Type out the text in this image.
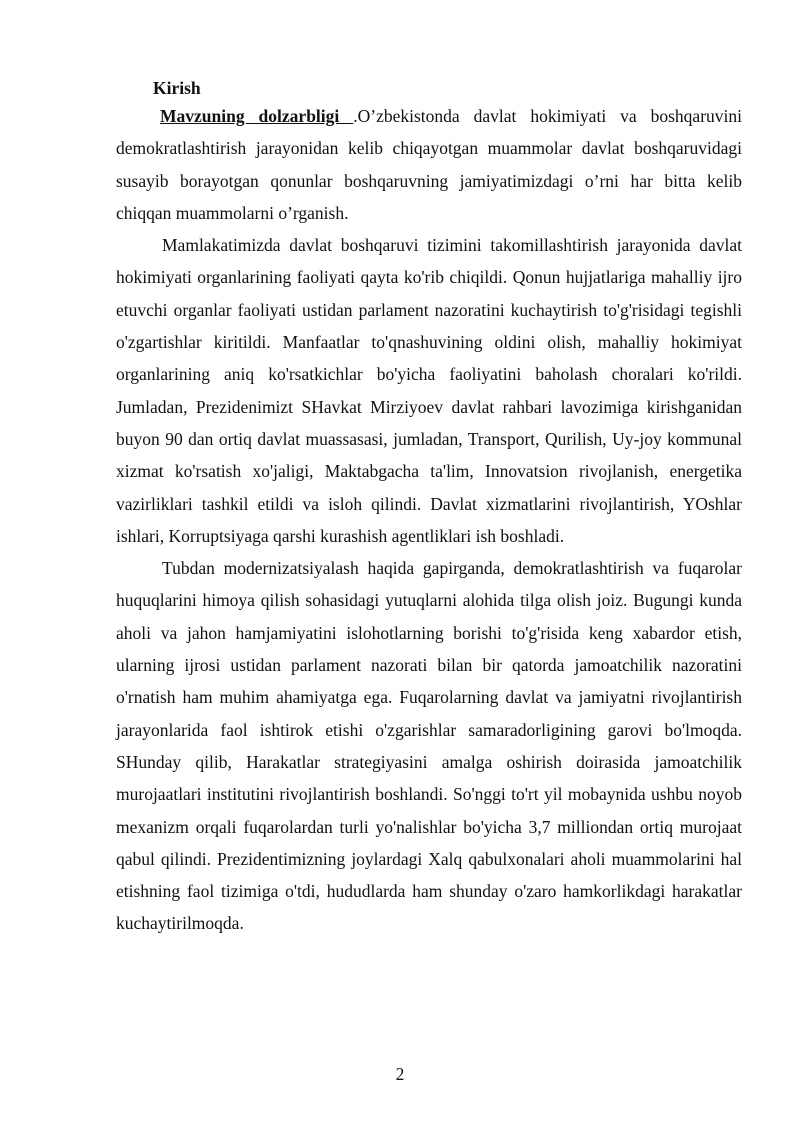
Kirish

Mavzuning dolzarbligi .O’zbekistonda davlat hokimiyati va boshqaruvini demokratlashtirish jarayonidan kelib chiqayotgan muammolar davlat boshqaruvidagi susayib borayotgan qonunlar boshqaruvning jamiyatimizdagi o’rni har bitta kelib chiqqan muammolarni o’rganish.

Mamlakatimizda davlat boshqaruvi tizimini takomillashtirish jarayonida davlat hokimiyati organlarining faoliyati qayta ko'rib chiqildi. Qonun hujjatlariga mahalliy ijro etuvchi organlar faoliyati ustidan parlament nazoratini kuchaytirish to'g'risidagi tegishli o'zgartishlar kiritildi. Manfaatlar to'qnashuvining oldini olish, mahalliy hokimiyat organlarining aniq ko'rsatkichlar bo'yicha faoliyatini baholash choralari ko'rildi. Jumladan, Prezidenimizt SHavkat Mirziyoev davlat rahbari lavozimiga kirishganidan buyon 90 dan ortiq davlat muassasasi, jumladan, Transport, Qurilish, Uy-joy kommunal xizmat ko'rsatish xo'jaligi, Maktabgacha ta'lim, Innovatsion rivojlanish, energetika vazirliklari tashkil etildi va isloh qilindi. Davlat xizmatlarini rivojlantirish, YOshlar ishlari, Korruptsiyaga qarshi kurashish agentliklari ish boshladi.

Tubdan modernizatsiyalash haqida gapirganda, demokratlashtirish va fuqarolar huquqlarini himoya qilish sohasidagi yutuqlarni alohida tilga olish joiz. Bugungi kunda aholi va jahon hamjamiyatini islohotlarning borishi to'g'risida keng xabardor etish, ularning ijrosi ustidan parlament nazorati bilan bir qatorda jamoatchilik nazoratini o'rnatish ham muhim ahamiyatga ega. Fuqarolarning davlat va jamiyatni rivojlantirish jarayonlarida faol ishtirok etishi o'zgarishlar samaradorligining garovi bo'lmoqda. SHunday qilib, Harakatlar strategiyasini amalga oshirish doirasida jamoatchilik murojaatlari institutini rivojlantirish boshlandi. So'nggi to'rt yil mobaynida ushbu noyob mexanizm orqali fuqarolardan turli yo'nalishlar bo'yicha 3,7 milliondan ortiq murojaat qabul qilindi. Prezidentimizning joylardagi Xalq qabulxonalari aholi muammolarini hal etishning faol tizimiga o'tdi, hududlarda ham shunday o'zaro hamkorlikdagi harakatlar kuchaytirilmoqda.

2
